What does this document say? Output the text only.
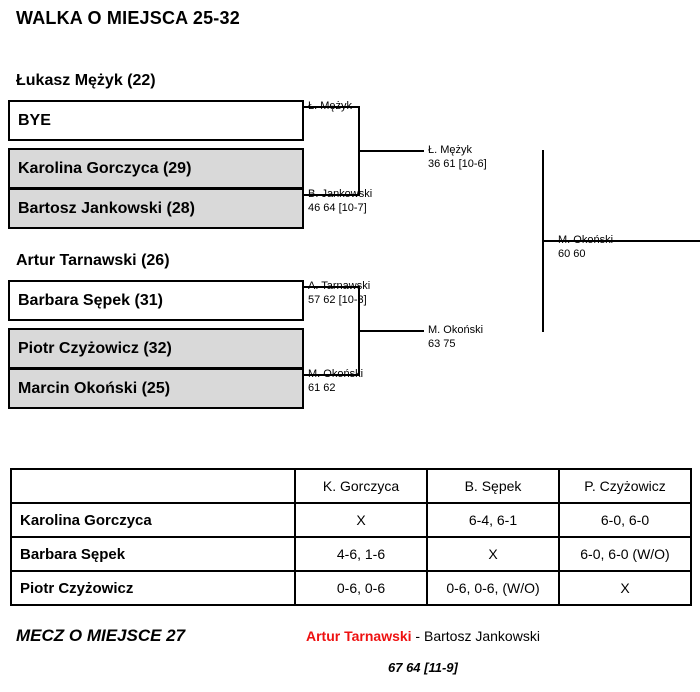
WALKA O MIEJSCA 25-32
Łukasz Mężyk (22)
BYE
Karolina Gorczyca (29)
Bartosz Jankowski (28)
Artur Tarnawski (26)
Barbara Sępek (31)
Piotr Czyżowicz (32)
Marcin Okoński (25)
Ł. Mężyk
B. Jankowski
46 64 [10-7]
A. Tarnawski
57 62 [10-3]
M. Okoński
61 62
Ł. Mężyk
36 61 [10-6]
M. Okoński
63 75
M. Okoński
60 60
	K. Gorczyca	B. Sępek	P. Czyżowicz
Karolina Gorczyca	X	6-4, 6-1	6-0, 6-0
Barbara Sępek	4-6, 1-6	X	6-0, 6-0 (W/O)
Piotr Czyżowicz	0-6, 0-6	0-6, 0-6, (W/O)	X
MECZ O MIEJSCE 27	Artur Tarnawski - Bartosz Jankowski
67 64 [11-9]
